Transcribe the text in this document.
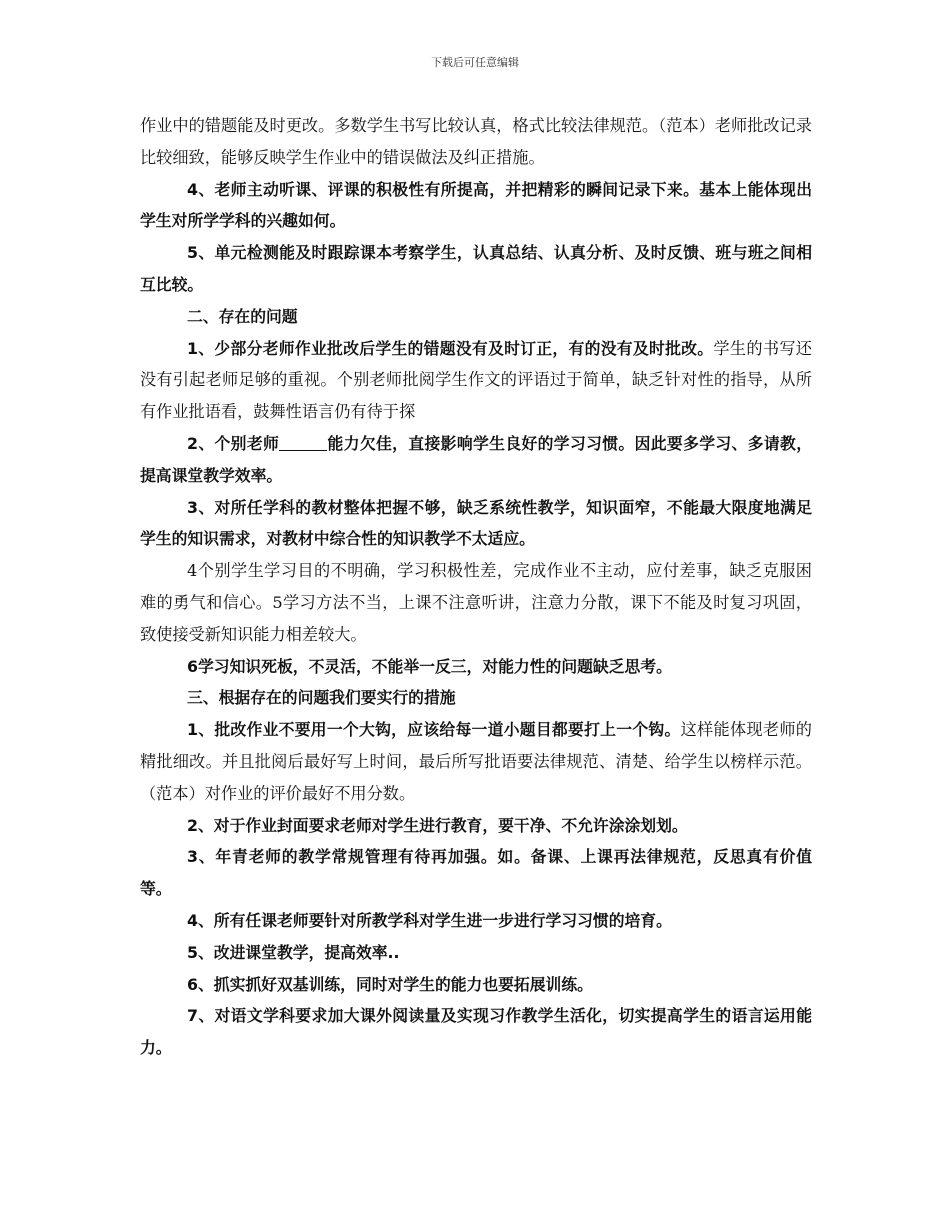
下载后可任意编辑

作业中的错题能及时更改。多数学生书写比较认真，格式比较法律规范。（范本）老师批改记录比较细致，能够反映学生作业中的错误做法及纠正措施。

4、老师主动听课、评课的积极性有所提高，并把精彩的瞬间记录下来。基本上能体现出学生对所学学科的兴趣如何。

5、单元检测能及时跟踪课本考察学生，认真总结、认真分析、及时反馈、班与班之间相互比较。

二、存在的问题

1、少部分老师作业批改后学生的错题没有及时订正，有的没有及时批改。学生的书写还没有引起老师足够的重视。个别老师批阅学生作文的评语过于简单，缺乏针对性的指导，从所有作业批语看，鼓舞性语言仍有待于探

2、个别老师	能力欠佳，直接影响学生良好的学习习惯。因此要多学习、多请教，提高课堂教学效率。

3、对所任学科的教材整体把握不够，缺乏系统性教学，知识面窄，不能最大限度地满足学生的知识需求，对教材中综合性的知识教学不太适应。

4个别学生学习目的不明确，学习积极性差，完成作业不主动，应付差事，缺乏克服困难的勇气和信心。5学习方法不当，上课不注意听讲，注意力分散，课下不能及时复习巩固，致使接受新知识能力相差较大。

6学习知识死板，不灵活，不能举一反三，对能力性的问题缺乏思考。

三、根据存在的问题我们要实行的措施

1、批改作业不要用一个大钩，应该给每一道小题目都要打上一个钩。这样能体现老师的精批细改。并且批阅后最好写上时间，最后所写批语要法律规范、清楚、给学生以榜样示范。（范本）对作业的评价最好不用分数。

2、对于作业封面要求老师对学生进行教育，要干净、不允许涂涂划划。

3、年青老师的教学常规管理有待再加强。如。备课、上课再法律规范，反思真有价值等。

4、所有任课老师要针对所教学科对学生进一步进行学习习惯的培育。

5、改进课堂教学，提高效率..

6、抓实抓好双基训练，同时对学生的能力也要拓展训练。

7、对语文学科要求加大课外阅读量及实现习作教学生活化，切实提高学生的语言运用能力。
